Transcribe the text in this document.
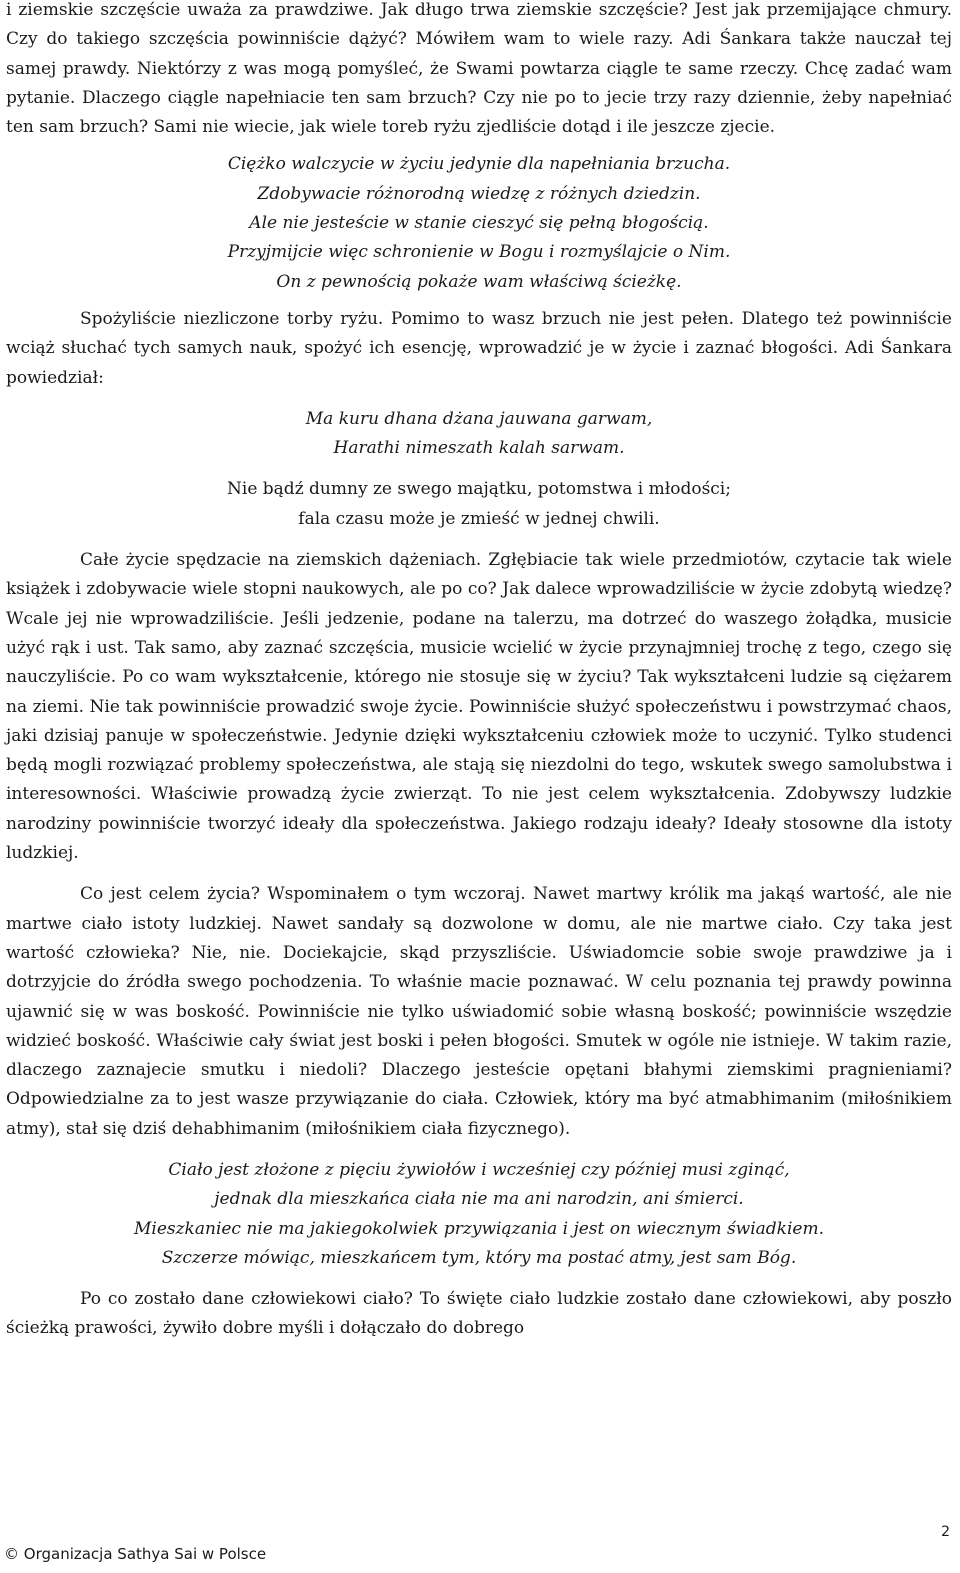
i ziemskie szczęście uważa za prawdziwe. Jak długo trwa ziemskie szczęście? Jest jak przemijające chmury. Czy do takiego szczęścia powinniście dążyć? Mówiłem wam to wiele razy. Adi Śankara także nauczał tej samej prawdy. Niektórzy z was mogą pomyśleć, że Swami powtarza ciągle te same rzeczy. Chcę zadać wam pytanie. Dlaczego ciągle napełniacie ten sam brzuch? Czy nie po to jecie trzy razy dziennie, żeby napełniać ten sam brzuch? Sami nie wiecie, jak wiele toreb ryżu zjedliście dotąd i ile jeszcze zjecie.

Ciężko walczycie w życiu jedynie dla napełniania brzucha.
Zdobywacie różnorodną wiedzę z różnych dziedzin.
Ale nie jesteście w stanie cieszyć się pełną błogością.
Przyjmijcie więc schronienie w Bogu i rozmyślajcie o Nim.
On z pewnością pokaże wam właściwą ścieżkę.

Spożyliście niezliczone torby ryżu. Pomimo to wasz brzuch nie jest pełen. Dlatego też powinniście wciąż słuchać tych samych nauk, spożyć ich esencję, wprowadzić je w życie i zaznać błogości. Adi Śankara powiedział:

Ma kuru dhana dżana jauwana garwam,
Harathi nimeszath kalah sarwam.
Nie bądź dumny ze swego majątku, potomstwa i młodości;
fala czasu może je zmieść w jednej chwili.

Całe życie spędzacie na ziemskich dążeniach. Zgłębiacie tak wiele przedmiotów, czytacie tak wiele książek i zdobywacie wiele stopni naukowych, ale po co? Jak dalece wprowadziliście w życie zdobytą wiedzę? Wcale jej nie wprowadziliście. Jeśli jedzenie, podane na talerzu, ma dotrzeć do waszego żołądka, musicie użyć rąk i ust. Tak samo, aby zaznać szczęścia, musicie wcielić w życie przynajmniej trochę z tego, czego się nauczyliście. Po co wam wykształcenie, którego nie stosuje się w życiu? Tak wykształceni ludzie są ciężarem na ziemi. Nie tak powinniście prowadzić swoje życie. Powinniście służyć społeczeństwu i powstrzymać chaos, jaki dzisiaj panuje w społeczeństwie. Jedynie dzięki wykształceniu człowiek może to uczynić. Tylko studenci będą mogli rozwiązać problemy społeczeństwa, ale stają się niezdolni do tego, wskutek swego samolubstwa i interesowności. Właściwie prowadzą życie zwierząt. To nie jest celem wykształcenia. Zdobywszy ludzkie narodziny powinniście tworzyć ideały dla społeczeństwa. Jakiego rodzaju ideały? Ideały stosowne dla istoty ludzkiej.

Co jest celem życia? Wspominałem o tym wczoraj. Nawet martwy królik ma jakąś wartość, ale nie martwe ciało istoty ludzkiej. Nawet sandały są dozwolone w domu, ale nie martwe ciało. Czy taka jest wartość człowieka? Nie, nie. Dociekajcie, skąd przyszliście. Uświadomcie sobie swoje prawdziwe ja i dotrzyjcie do źródła swego pochodzenia. To właśnie macie poznawać. W celu poznania tej prawdy powinna ujawnić się w was boskość. Powinniście nie tylko uświadomić sobie własną boskość; powinniście wszędzie widzieć boskość. Właściwie cały świat jest boski i pełen błogości. Smutek w ogóle nie istnieje. W takim razie, dlaczego zaznajecie smutku i niedoli? Dlaczego jesteście opętani błahymi ziemskimi pragnieniami? Odpowiedzialne za to jest wasze przywiązanie do ciała. Człowiek, który ma być atmabhimanim (miłośnikiem atmy), stał się dziś dehabhimanim (miłośnikiem ciała fizycznego).

Ciało jest złożone z pięciu żywiołów i wcześniej czy później musi zginąć,
jednak dla mieszkańca ciała nie ma ani narodzin, ani śmierci.
Mieszkaniec nie ma jakiegokolwiek przywiązania i jest on wiecznym świadkiem.
Szczerze mówiąc, mieszkańcem tym, który ma postać atmy, jest sam Bóg.

Po co zostało dane człowiekowi ciało? To święte ciało ludzkie zostało dane człowiekowi, aby poszło ścieżką prawości, żywiło dobre myśli i dołączało do dobrego

2
© Organizacja Sathya Sai w Polsce
